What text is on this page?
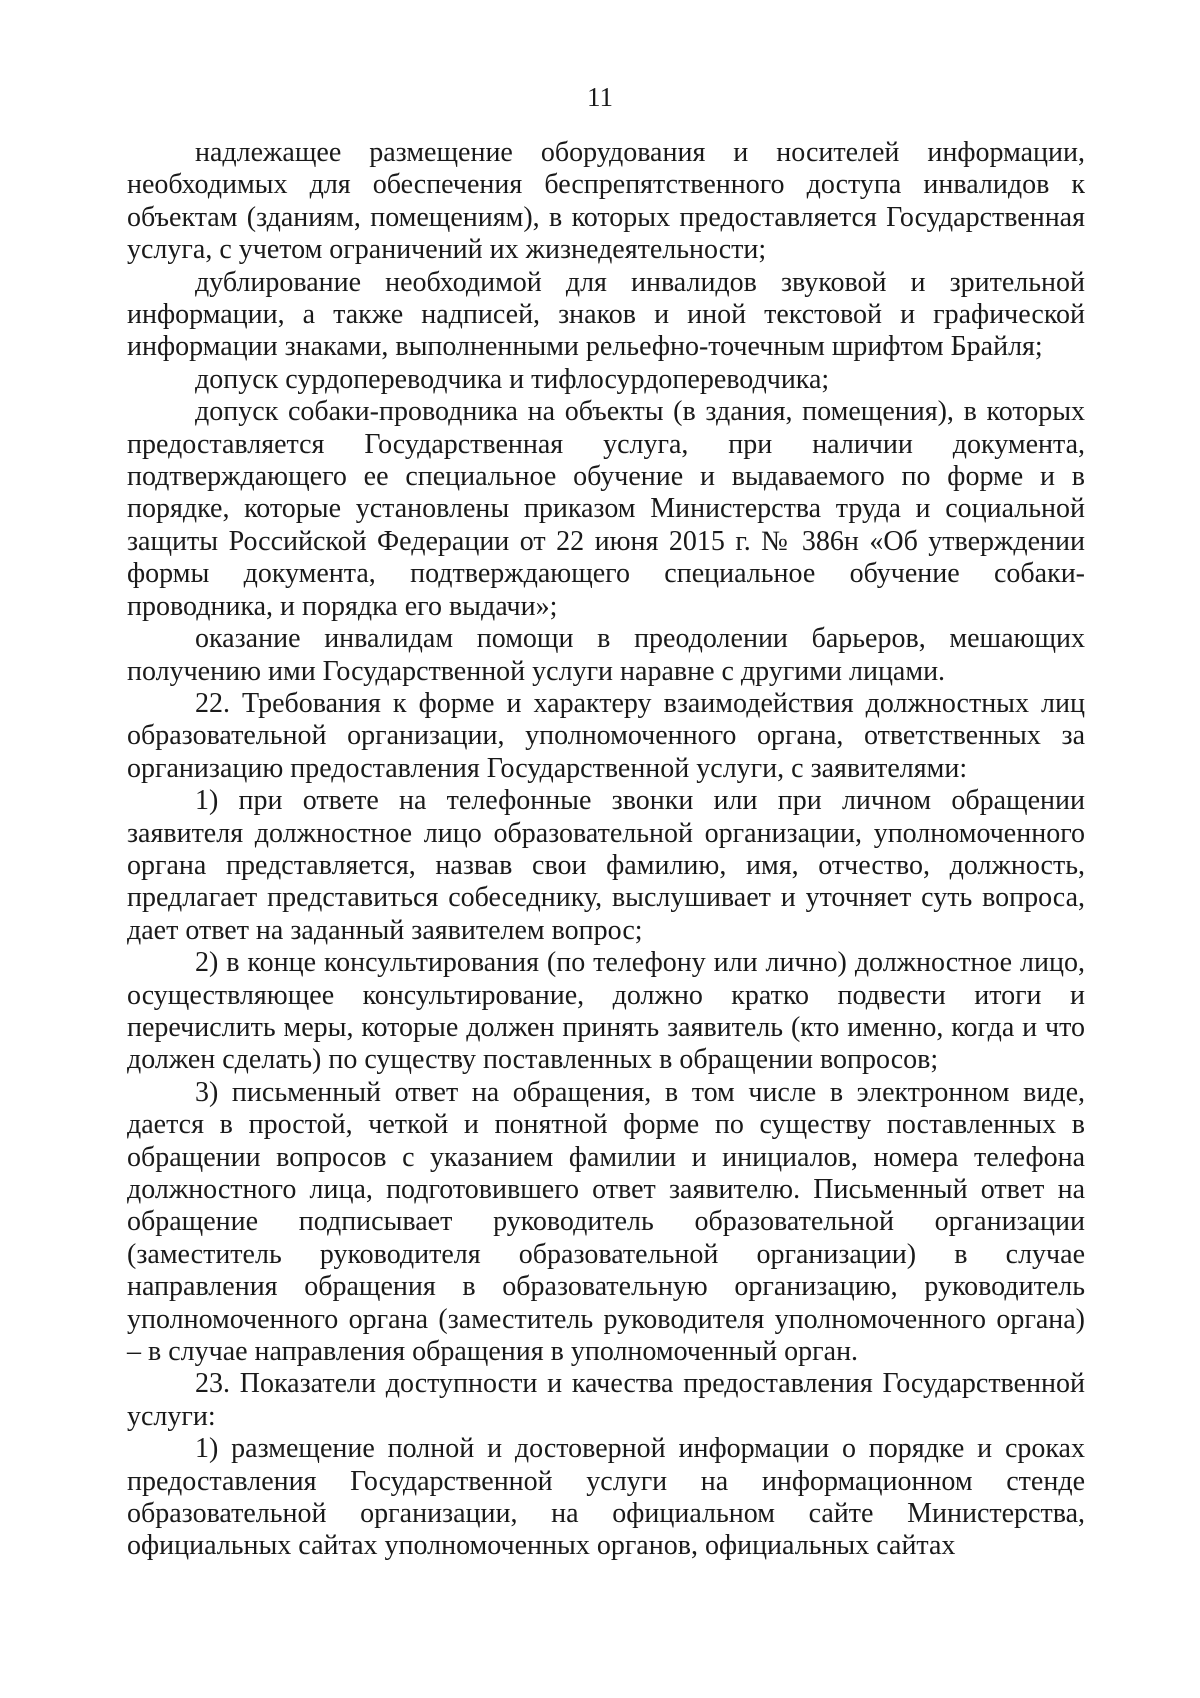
11

надлежащее размещение оборудования и носителей информации, необходимых для обеспечения беспрепятственного доступа инвалидов к объектам (зданиям, помещениям), в которых предоставляется Государственная услуга, с учетом ограничений их жизнедеятельности;

дублирование необходимой для инвалидов звуковой и зрительной информации, а также надписей, знаков и иной текстовой и графической информации знаками, выполненными рельефно-точечным шрифтом Брайля;

допуск сурдопереводчика и тифлосурдопереводчика;

допуск собаки-проводника на объекты (в здания, помещения), в которых предоставляется Государственная услуга, при наличии документа, подтверждающего ее специальное обучение и выдаваемого по форме и в порядке, которые установлены приказом Министерства труда и социальной защиты Российской Федерации от 22 июня 2015 г. № 386н «Об утверждении формы документа, подтверждающего специальное обучение собаки-проводника, и порядка его выдачи»;

оказание инвалидам помощи в преодолении барьеров, мешающих получению ими Государственной услуги наравне с другими лицами.

22. Требования к форме и характеру взаимодействия должностных лиц образовательной организации, уполномоченного органа, ответственных за организацию предоставления Государственной услуги, с заявителями:

1) при ответе на телефонные звонки или при личном обращении заявителя должностное лицо образовательной организации, уполномоченного органа представляется, назвав свои фамилию, имя, отчество, должность, предлагает представиться собеседнику, выслушивает и уточняет суть вопроса, дает ответ на заданный заявителем вопрос;

2) в конце консультирования (по телефону или лично) должностное лицо, осуществляющее консультирование, должно кратко подвести итоги и перечислить меры, которые должен принять заявитель (кто именно, когда и что должен сделать) по существу поставленных в обращении вопросов;

3) письменный ответ на обращения, в том числе в электронном виде, дается в простой, четкой и понятной форме по существу поставленных в обращении вопросов с указанием фамилии и инициалов, номера телефона должностного лица, подготовившего ответ заявителю. Письменный ответ на обращение подписывает руководитель образовательной организации (заместитель руководителя образовательной организации) в случае направления обращения в образовательную организацию, руководитель уполномоченного органа (заместитель руководителя уполномоченного органа) – в случае направления обращения в уполномоченный орган.

23. Показатели доступности и качества предоставления Государственной услуги:

1) размещение полной и достоверной информации о порядке и сроках предоставления Государственной услуги на информационном стенде образовательной организации, на официальном сайте Министерства, официальных сайтах уполномоченных органов, официальных сайтах
